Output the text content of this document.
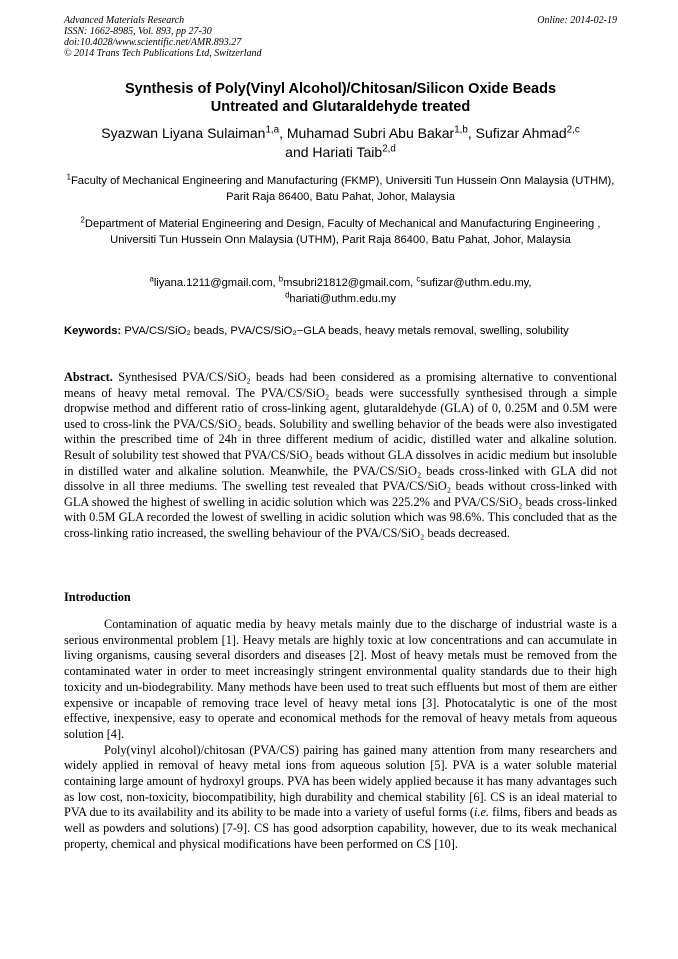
Advanced Materials Research
ISSN: 1662-8985, Vol. 893, pp 27-30
doi:10.4028/www.scientific.net/AMR.893.27
© 2014 Trans Tech Publications Ltd, Switzerland
Online: 2014-02-19
Synthesis of Poly(Vinyl Alcohol)/Chitosan/Silicon Oxide Beads
Untreated and Glutaraldehyde treated
Syazwan Liyana Sulaiman$^{1,a}$, Muhamad Subri Abu Bakar$^{1,b}$, Sufizar Ahmad$^{2,c}$
and Hariati Taib$^{2,d}$
$^1$Faculty of Mechanical Engineering and Manufacturing (FKMP), Universiti Tun Hussein Onn Malaysia (UTHM), Parit Raja 86400, Batu Pahat, Johor, Malaysia
$^2$Department of Material Engineering and Design, Faculty of Mechanical and Manufacturing Engineering , Universiti Tun Hussein Onn Malaysia (UTHM), Parit Raja 86400, Batu Pahat, Johor, Malaysia
$^a$liyana.1211@gmail.com, $^b$msubri21812@gmail.com, $^c$sufizar@uthm.edu.my,
$^d$hariati@uthm.edu.my
Keywords: PVA/CS/SiO₂ beads, PVA/CS/SiO₂−GLA beads, heavy metals removal, swelling, solubility
Abstract. Synthesised PVA/CS/SiO₂ beads had been considered as a promising alternative to conventional means of heavy metal removal. The PVA/CS/SiO₂ beads were successfully synthesised through a simple dropwise method and different ratio of cross-linking agent, glutaraldehyde (GLA) of 0, 0.25M and 0.5M were used to cross-link the PVA/CS/SiO₂ beads. Solubility and swelling behavior of the beads were also investigated within the prescribed time of 24h in three different medium of acidic, distilled water and alkaline solution. Result of solubility test showed that PVA/CS/SiO₂ beads without GLA dissolves in acidic medium but insoluble in distilled water and alkaline solution. Meanwhile, the PVA/CS/SiO₂ beads cross-linked with GLA did not dissolve in all three mediums. The swelling test revealed that PVA/CS/SiO₂ beads without cross-linked with GLA showed the highest of swelling in acidic solution which was 225.2% and PVA/CS/SiO₂ beads cross-linked with 0.5M GLA recorded the lowest of swelling in acidic solution which was 98.6%. This concluded that as the cross-linking ratio increased, the swelling behaviour of the PVA/CS/SiO₂ beads decreased.
Introduction

Contamination of aquatic media by heavy metals mainly due to the discharge of industrial waste is a serious environmental problem [1]. Heavy metals are highly toxic at low concentrations and can accumulate in living organisms, causing several disorders and diseases [2]. Most of heavy metals must be removed from the contaminated water in order to meet increasingly stringent environmental quality standards due to their high toxicity and un-biodegrability. Many methods have been used to treat such effluents but most of them are either expensive or incapable of removing trace level of heavy metal ions [3]. Photocatalytic is one of the most effective, inexpensive, easy to operate and economical methods for the removal of heavy metals from aqueous solution [4].

Poly(vinyl alcohol)/chitosan (PVA/CS) pairing has gained many attention from many researchers and widely applied in removal of heavy metal ions from aqueous solution [5]. PVA is a water soluble material containing large amount of hydroxyl groups. PVA has been widely applied because it has many advantages such as low cost, non-toxicity, biocompatibility, high durability and chemical stability [6]. CS is an ideal material to PVA due to its availability and its ability to be made into a variety of useful forms (i.e. films, fibers and beads as well as powders and solutions) [7-9]. CS has good adsorption capability, however, due to its weak mechanical property, chemical and physical modifications have been performed on CS [10].
